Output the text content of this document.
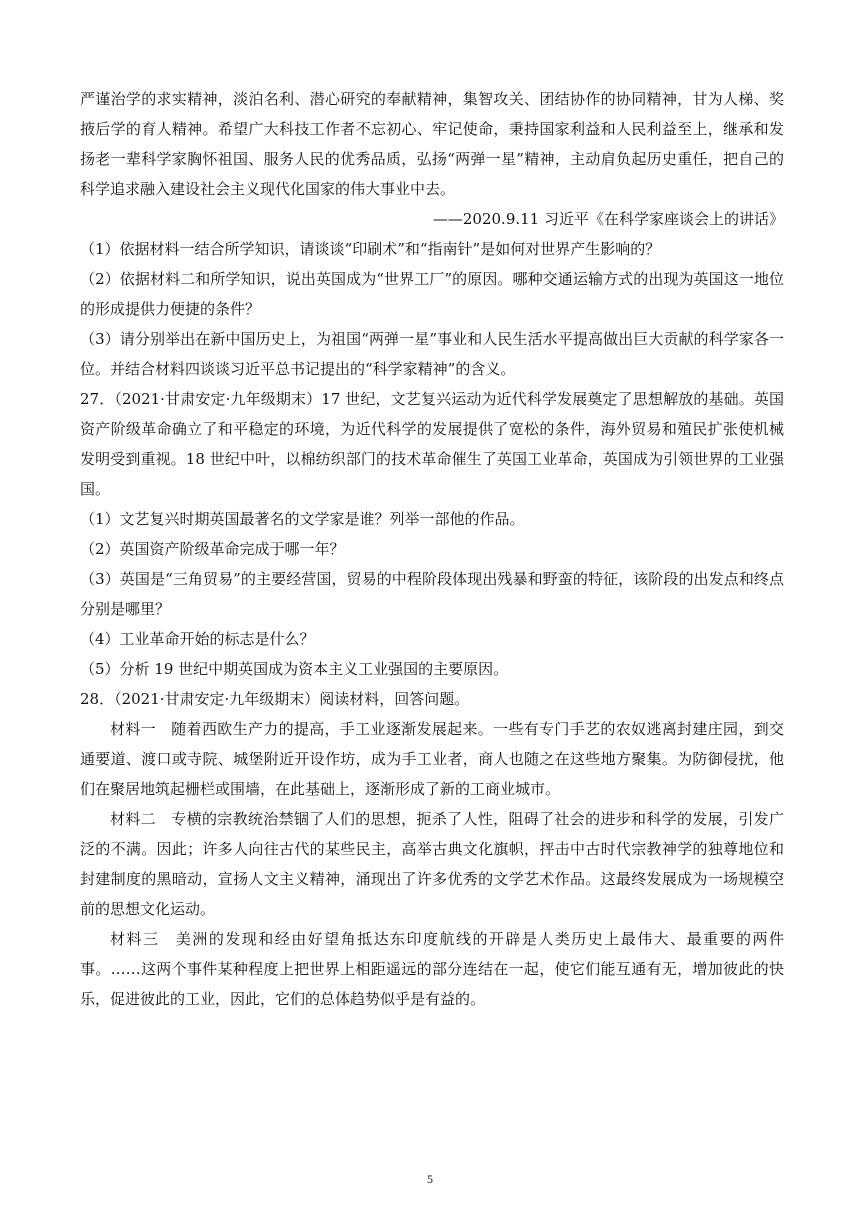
严谨治学的求实精神，淡泊名利、潜心研究的奉献精神，集智攻关、团结协作的协同精神，甘为人梯、奖掖后学的育人精神。希望广大科技工作者不忘初心、牢记使命，秉持国家利益和人民利益至上，继承和发扬老一辈科学家胸怀祖国、服务人民的优秀品质，弘扬“两弹一星”精神，主动肩负起历史重任，把自己的科学追求融入建设社会主义现代化国家的伟大事业中去。

——2020.9.11 习近平《在科学家座谈会上的讲话》

（1）依据材料一结合所学知识，请谈谈“印刷术”和“指南针”是如何对世界产生影响的？

（2）依据材料二和所学知识，说出英国成为“世界工厂”的原因。哪种交通运输方式的出现为英国这一地位的形成提供力便捷的条件？

（3）请分别举出在新中国历史上，为祖国“两弹一星”事业和人民生活水平提高做出巨大贡献的科学家各一位。并结合材料四谈谈习近平总书记提出的“科学家精神”的含义。

27．（2021·甘肃安定·九年级期末）17 世纪，文艺复兴运动为近代科学发展奠定了思想解放的基础。英国资产阶级革命确立了和平稳定的环境，为近代科学的发展提供了宽松的条件，海外贸易和殖民扩张使机械发明受到重视。18 世纪中叶，以棉纺织部门的技术革命催生了英国工业革命，英国成为引领世界的工业强国。

（1）文艺复兴时期英国最著名的文学家是谁？列举一部他的作品。

（2）英国资产阶级革命完成于哪一年？

（3）英国是“三角贸易”的主要经营国，贸易的中程阶段体现出残暴和野蛮的特征，该阶段的出发点和终点分别是哪里？

（4）工业革命开始的标志是什么？

（5）分析 19 世纪中期英国成为资本主义工业强国的主要原因。

28．（2021·甘肃安定·九年级期末）阅读材料，回答问题。

材料一　随着西欧生产力的提高，手工业逐渐发展起来。一些有专门手艺的农奴逃离封建庄园，到交通要道、渡口或寺院、城堡附近开设作坊，成为手工业者，商人也随之在这些地方聚集。为防御侵扰，他们在聚居地筑起栅栏或围墙，在此基础上，逐渐形成了新的工商业城市。

材料二　专横的宗教统治禁锢了人们的思想，扼杀了人性，阻碍了社会的进步和科学的发展，引发广泛的不满。因此；许多人向往古代的某些民主，高举古典文化旗帜，抨击中古时代宗教神学的独尊地位和封建制度的黑暗动，宣扬人文主义精神，涌现出了许多优秀的文学艺术作品。这最终发展成为一场规模空前的思想文化运动。

材料三　美洲的发现和经由好望角抵达东印度航线的开辟是人类历史上最伟大、最重要的两件事。……这两个事件某种程度上把世界上相距遥远的部分连结在一起，使它们能互通有无，增加彼此的快乐，促进彼此的工业，因此，它们的总体趋势似乎是有益的。

5
